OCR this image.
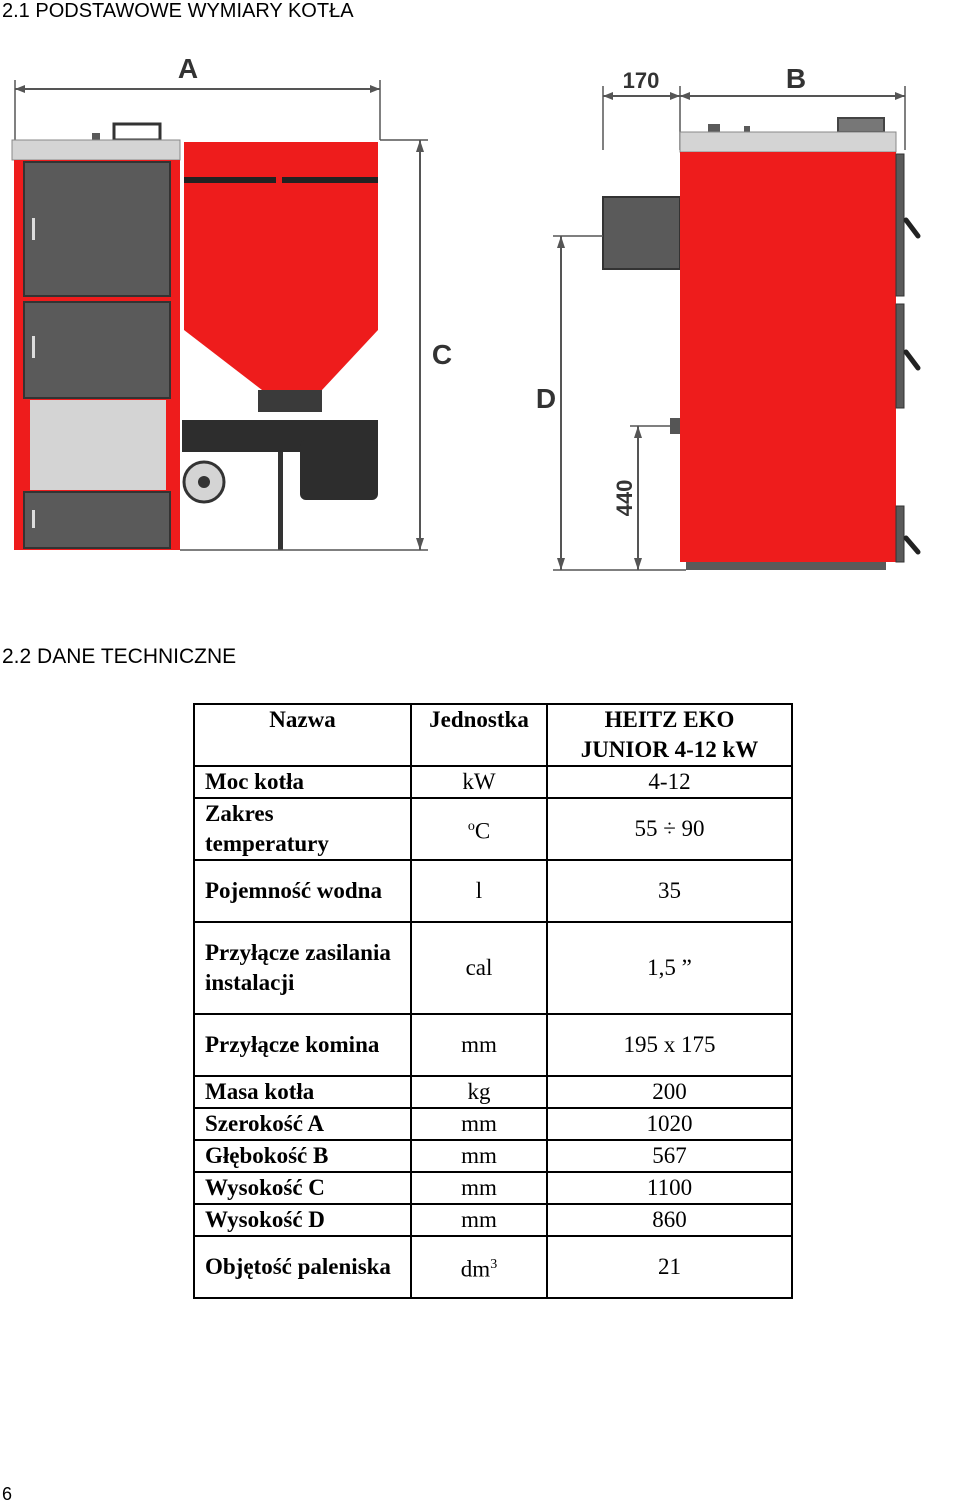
2.1 PODSTAWOWE WYMIARY KOTŁA
A
C
170	B
D
440
2.2 DANE TECHNICZNE
Nazwa	Jednostka	HEITZ EKO JUNIOR 4-12 kW
Moc kotła	kW	4-12
Zakres temperatury	$^o$C	55 ÷ 90
Pojemność wodna	l	35
Przyłącze zasilania instalacji	cal	1,5 ”
Przyłącze komina	mm	195 x 175
Masa kotła	kg	200
Szerokość A	mm	1020
Głębokość B	mm	567
Wysokość C	mm	1100
Wysokość D	mm	860
Objętość paleniska	$dm^3$	21
6
